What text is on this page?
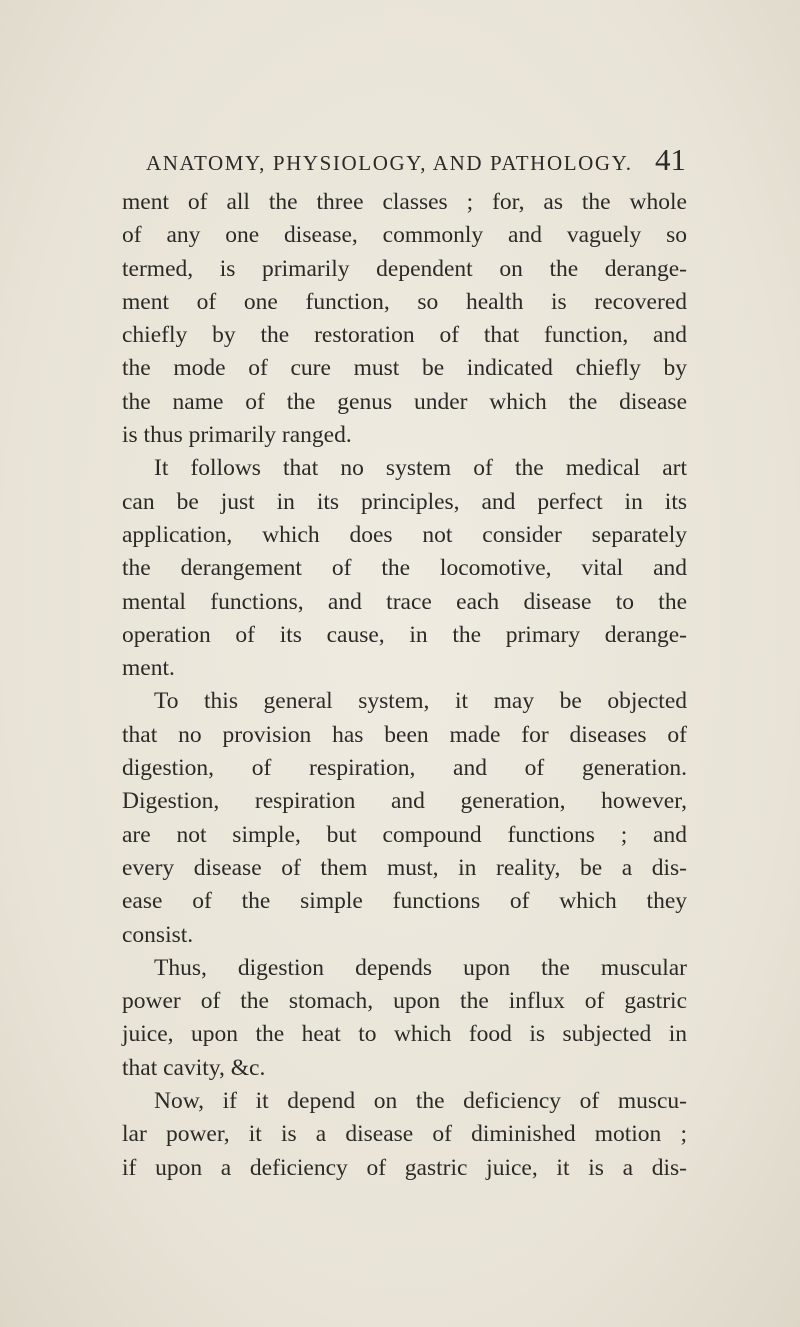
ANATOMY, PHYSIOLOGY, AND PATHOLOGY. 41
ment of all the three classes ; for, as the whole
of any one disease, commonly and vaguely so
termed, is primarily dependent on the derange-
ment of one function, so health is recovered
chiefly by the restoration of that function, and
the mode of cure must be indicated chiefly by
the name of the genus under which the disease
is thus primarily ranged.
It follows that no system of the medical art
can be just in its principles, and perfect in its
application, which does not consider separately
the derangement of the locomotive, vital and
mental functions, and trace each disease to the
operation of its cause, in the primary derange-
ment.
To this general system, it may be objected
that no provision has been made for diseases of
digestion, of respiration, and of generation.
Digestion, respiration and generation, however,
are not simple, but compound functions ; and
every disease of them must, in reality, be a dis-
ease of the simple functions of which they
consist.
Thus, digestion depends upon the muscular
power of the stomach, upon the influx of gastric
juice, upon the heat to which food is subjected in
that cavity, &c.
Now, if it depend on the deficiency of muscu-
lar power, it is a disease of diminished motion ;
if upon a deficiency of gastric juice, it is a dis-
